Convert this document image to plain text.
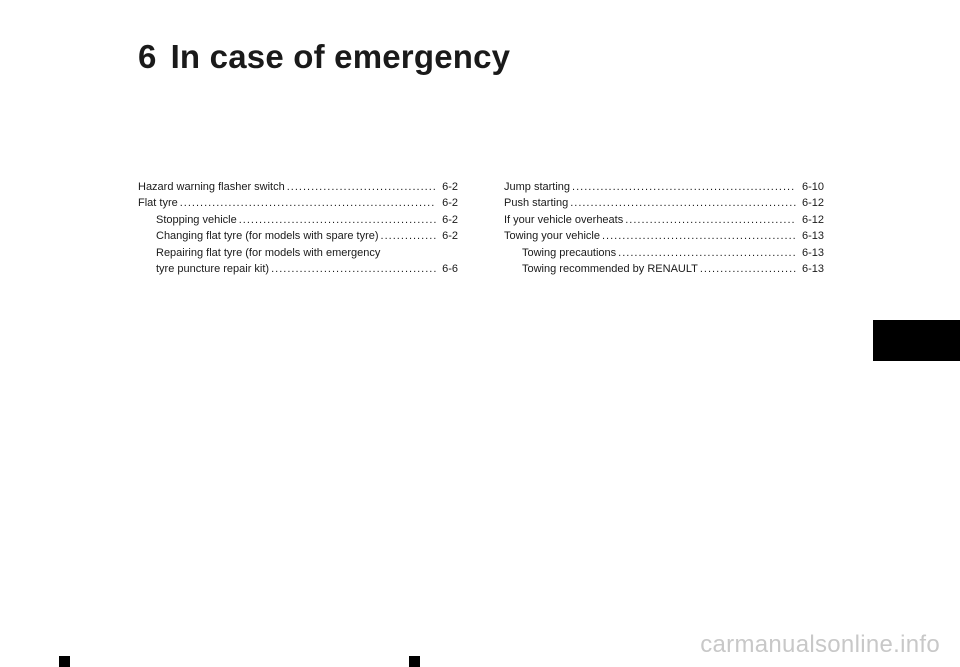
6 In case of emergency
Hazard warning flasher switch .....	6-2
Flat tyre .....	6-2
Stopping vehicle .....	6-2
Changing flat tyre (for models with spare tyre) .....	6-2
Repairing flat tyre (for models with emergency
tyre puncture repair kit) .....	6-6
Jump starting .....	6-10
Push starting .....	6-12
If your vehicle overheats .....	6-12
Towing your vehicle .....	6-13
Towing precautions .....	6-13
Towing recommended by RENAULT .....	6-13
carmanualsonline.info
